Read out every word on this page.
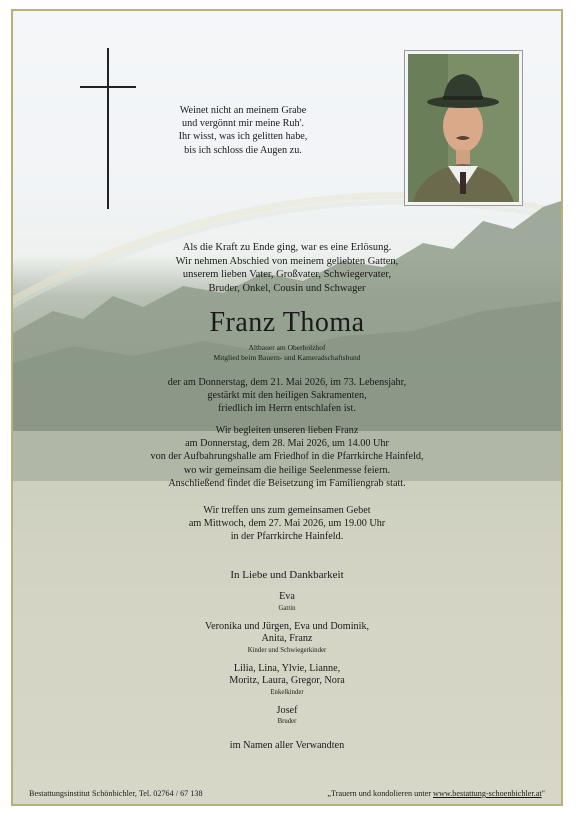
Weinet nicht an meinem Grabe
und vergönnt mir meine Ruh'.
Ihr wisst, was ich gelitten habe,
bis ich schloss die Augen zu.
Als die Kraft zu Ende ging, war es eine Erlösung.
Wir nehmen Abschied von meinem geliebten Gatten,
unserem lieben Vater, Großvater, Schwiegervater,
Bruder, Onkel, Cousin und Schwager
Franz Thoma
Altbauer am Oberholzhof
Mitglied beim Bauern- und Kameradschaftsbund
der am Donnerstag, dem 21. Mai 2026, im 73. Lebensjahr,
gestärkt mit den heiligen Sakramenten,
friedlich im Herrn entschlafen ist.
Wir begleiten unseren lieben Franz
am Donnerstag, dem 28. Mai 2026, um 14.00 Uhr
von der Aufbahrungshalle am Friedhof in die Pfarrkirche Hainfeld,
wo wir gemeinsam die heilige Seelenmesse feiern.
Anschließend findet die Beisetzung im Familiengrab statt.
Wir treffen uns zum gemeinsamen Gebet
am Mittwoch, dem 27. Mai 2026, um 19.00 Uhr
in der Pfarrkirche Hainfeld.
In Liebe und Dankbarkeit
Eva
Gattin
Veronika und Jürgen, Eva und Dominik,
Anita, Franz
Kinder und Schwiegerkinder
Lilia, Lina, Ylvie, Lianne,
Moritz, Laura, Gregor, Nora
Enkelkinder
Josef
Bruder
im Namen aller Verwandten
Bestattungsinstitut Schönbichler, Tel. 02764 / 67 138	„Trauern und kondolieren unter www.bestattung-schoenbichler.at"
